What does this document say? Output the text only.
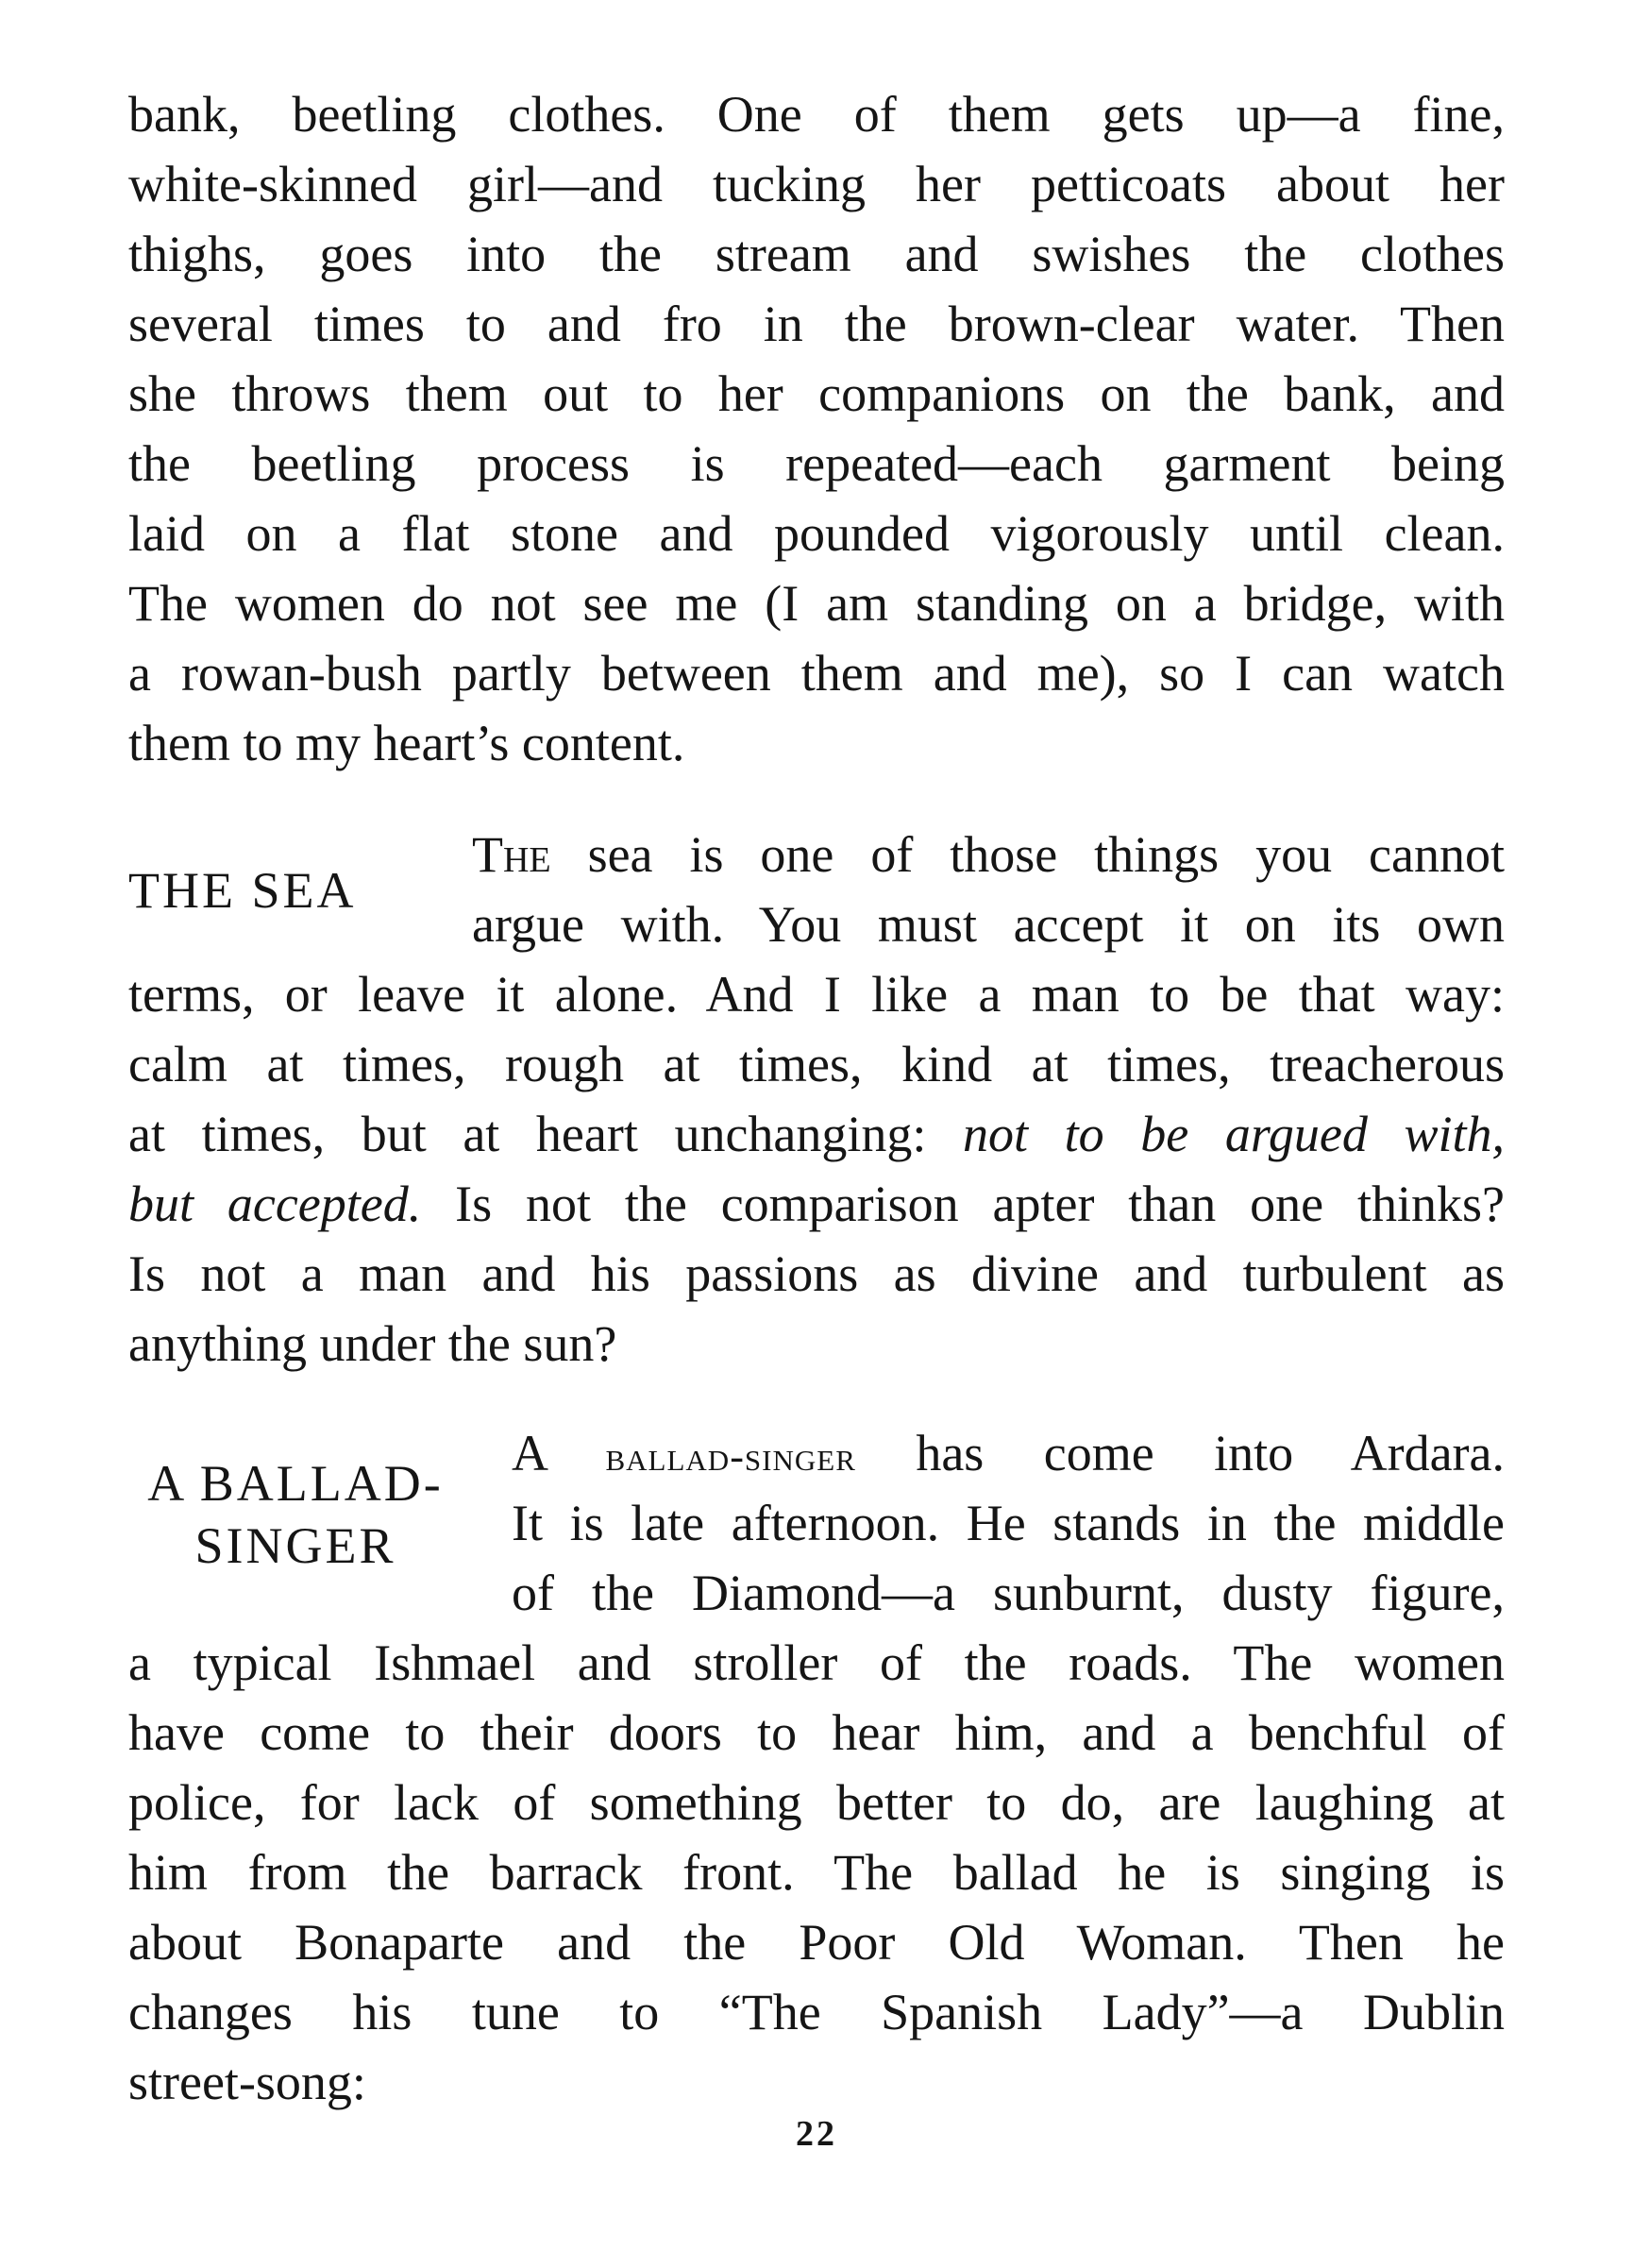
bank, beetling clothes. One of them gets up—a fine,
white-skinned girl—and tucking her petticoats about her
thighs, goes into the stream and swishes the clothes
several times to and fro in the brown-clear water. Then
she throws them out to her companions on the bank, and
the beetling process is repeated—each garment being
laid on a flat stone and pounded vigorously until clean.
The women do not see me (I am standing on a bridge, with
a rowan-bush partly between them and me), so I can watch
them to my heart’s content.
THE SEA
The sea is one of those things you cannot
argue with. You must accept it on its own
terms, or leave it alone. And I like a man to be that way:
calm at times, rough at times, kind at times, treacherous
at times, but at heart unchanging: not to be argued with,
but accepted. Is not the comparison apter than one thinks?
Is not a man and his passions as divine and turbulent as
anything under the sun?
A BALLAD-
SINGER
A ballad-singer has come into Ardara.
It is late afternoon. He stands in the middle
of the Diamond—a sunburnt, dusty figure,
a typical Ishmael and stroller of the roads. The women
have come to their doors to hear him, and a benchful of
police, for lack of something better to do, are laughing at
him from the barrack front. The ballad he is singing is
about Bonaparte and the Poor Old Woman. Then he
changes his tune to “The Spanish Lady”—a Dublin
street-song:
22
